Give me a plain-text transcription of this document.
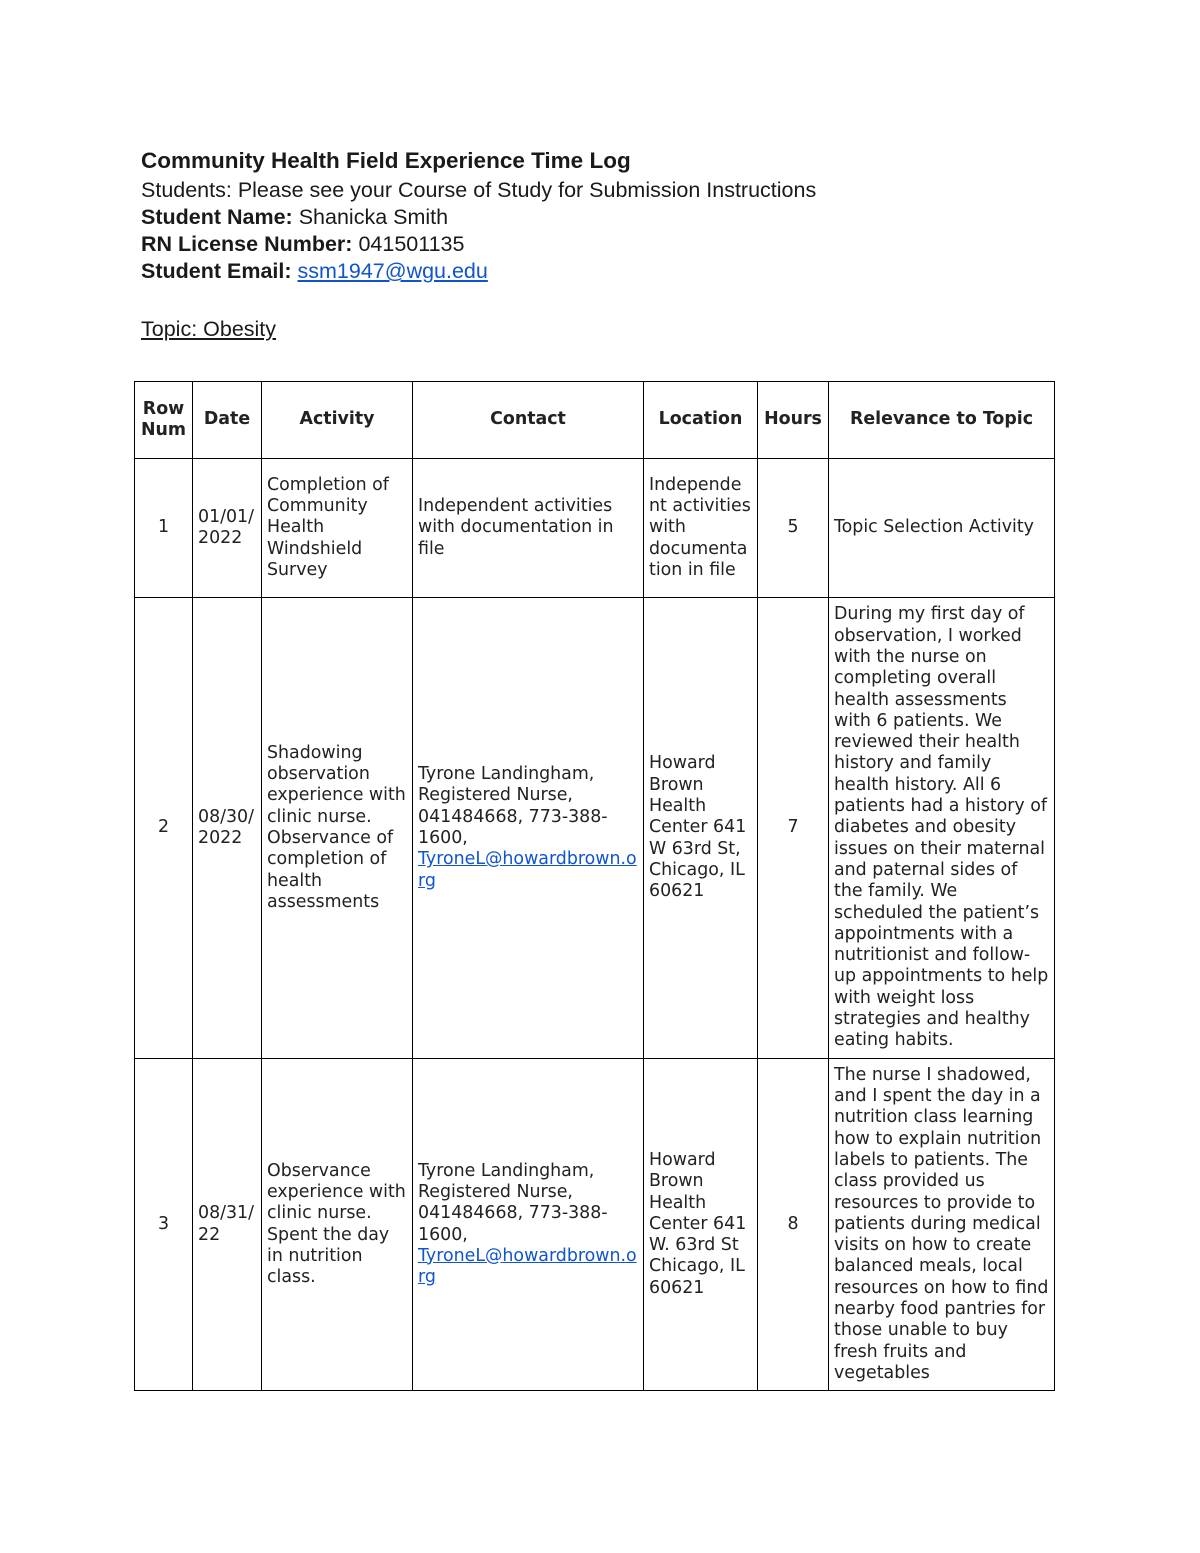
Community Health Field Experience Time Log

Students: Please see your Course of Study for Submission Instructions

Student Name: Shanicka Smith

RN License Number: 041501135

Student Email: ssm1947@wgu.edu

Topic: Obesity

Row Num	Date	Activity	Contact	Location	Hours	Relevance to Topic
1	01/01/2022	Completion of Community Health Windshield Survey	Independent activities with documentation in file	Independent activities with documentation in file	5	Topic Selection Activity
2	08/30/2022	Shadowing observation experience with clinic nurse. Observance of completion of health assessments	Tyrone Landingham, Registered Nurse, 041484668, 773-388-1600, TyroneL@howardbrown.org	Howard Brown Health Center 641 W 63rd St, Chicago, IL 60621	7	During my first day of observation, I worked with the nurse on completing overall health assessments with 6 patients. We reviewed their health history and family health history. All 6 patients had a history of diabetes and obesity issues on their maternal and paternal sides of the family. We scheduled the patient’s appointments with a nutritionist and follow-up appointments to help with weight loss strategies and healthy eating habits.
3	08/31/22	Observance experience with clinic nurse. Spent the day in nutrition class.	Tyrone Landingham, Registered Nurse, 041484668, 773-388-1600, TyroneL@howardbrown.org	Howard Brown Health Center 641 W. 63rd St Chicago, IL 60621	8	The nurse I shadowed, and I spent the day in a nutrition class learning how to explain nutrition labels to patients. The class provided us resources to provide to patients during medical visits on how to create balanced meals, local resources on how to find nearby food pantries for those unable to buy fresh fruits and vegetables
